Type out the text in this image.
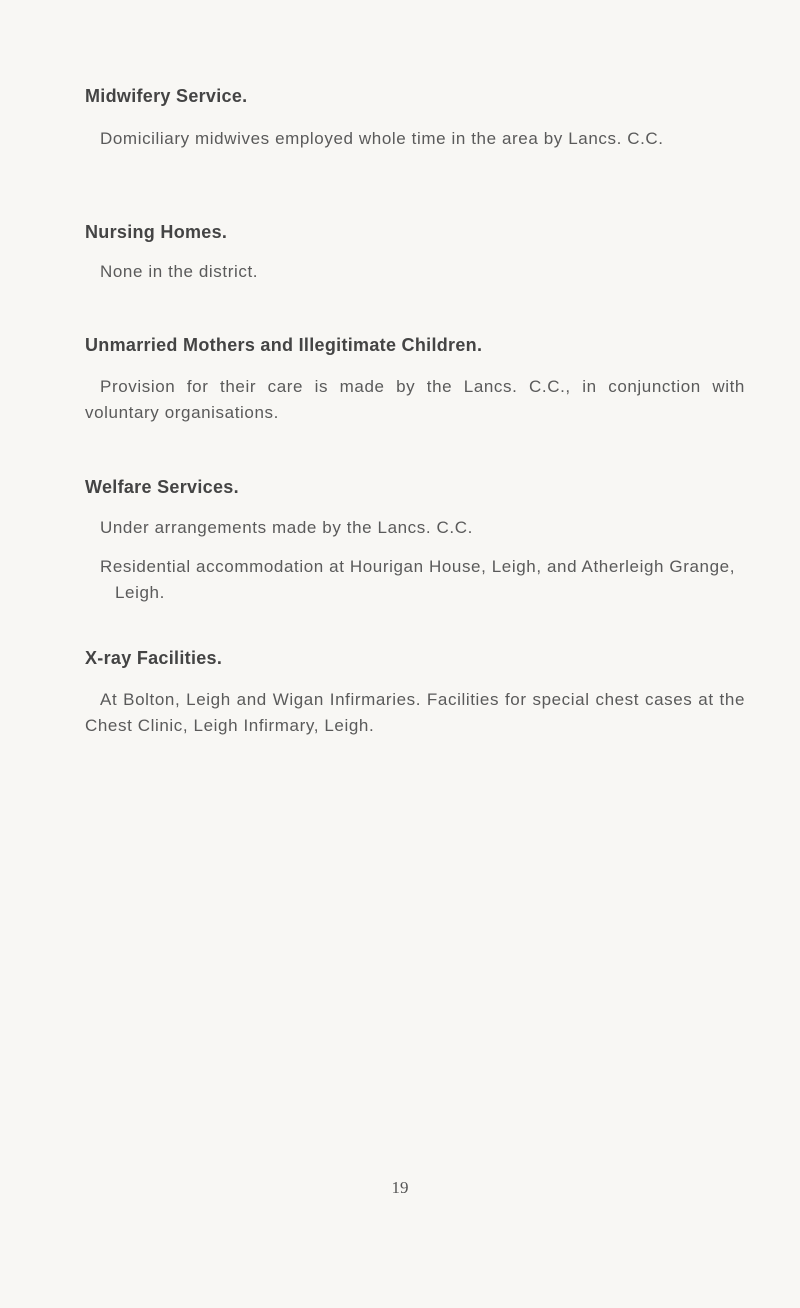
Midwifery Service.

Domiciliary midwives employed whole time in the area by Lancs. C.C.

Nursing Homes.

None in the district.

Unmarried Mothers and Illegitimate Children.

Provision for their care is made by the Lancs. C.C., in conjunction with voluntary organisations.

Welfare Services.

Under arrangements made by the Lancs. C.C.

Residential accommodation at Hourigan House, Leigh, and Atherleigh Grange, Leigh.

X-ray Facilities.

At Bolton, Leigh and Wigan Infirmaries. Facilities for special chest cases at the Chest Clinic, Leigh Infirmary, Leigh.

19
